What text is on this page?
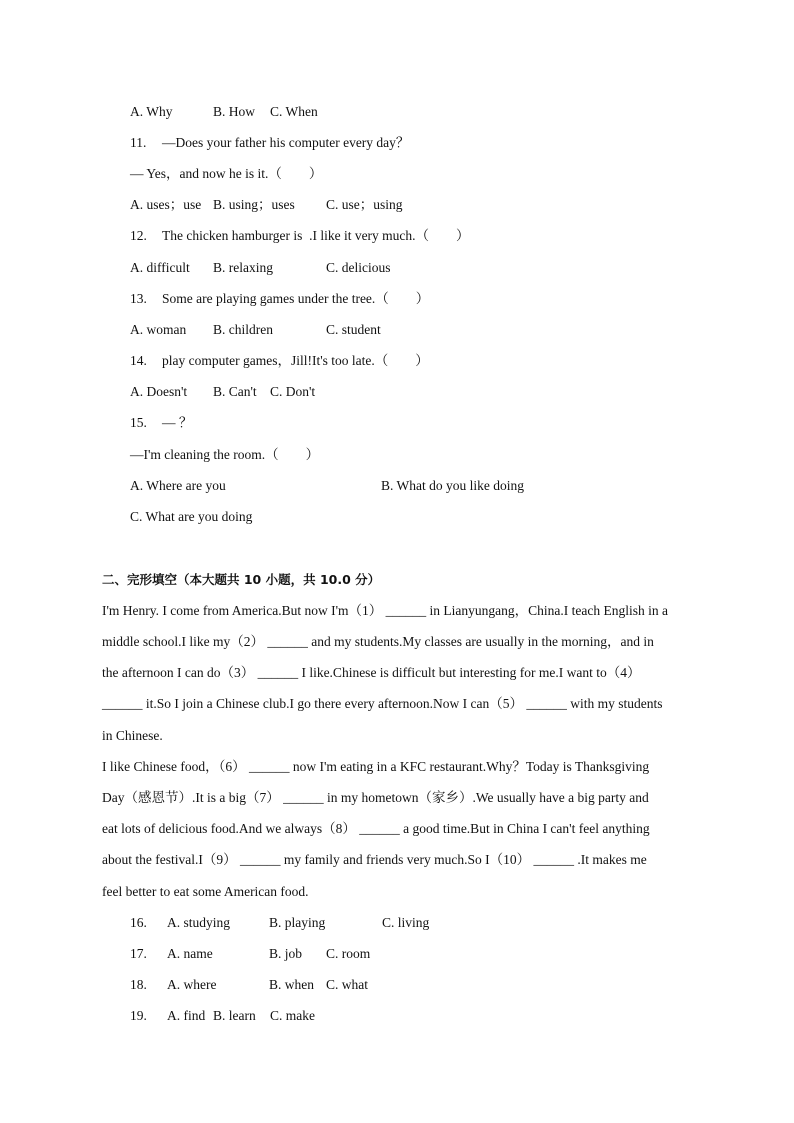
A. Why	B. How C. When
11. —Does your father his computer every day？
— Yes，and now he is it.（　　）
A. uses；use B. using；uses C. use；using
12. The chicken hamburger is  .I like it very much.（　　）
A. difficult B. relaxing	C. delicious
13. Some are playing games under the tree.（　　）
A. woman B. children	C. student
14. play computer games，Jill!It's too late.（　　）
A. Doesn't B. Can't C. Don't
15. — ？
—I'm cleaning the room.（　　）
A. Where are you	B. What do you like doing
C. What are you doing
二、完形填空（本大题共 10 小题，共 10.0 分）
I'm Henry. I come from America.But now I'm（1） ______ in Lianyungang，China.I teach English in a
middle school.I like my（2） ______ and my students.My classes are usually in the morning，and in
the afternoon I can do（3） ______ I like.Chinese is difficult but interesting for me.I want to（4）
______ it.So I join a Chinese club.I go there every afternoon.Now I can（5） ______ with my students
in Chinese.
I like Chinese food，（6） ______ now I'm eating in a KFC restaurant.Why？Today is Thanksgiving
Day（感恩节）.It is a big（7） ______ in my hometown（家乡）.We usually have a big party and
eat lots of delicious food.And we always（8） ______ a good time.But in China I can't feel anything
about the festival.I（9） ______ my family and friends very much.So I（10） ______ .It makes me
feel better to eat some American food.
16. A. studying	B. playing	C. living
17. A. name	B. job C. room
18. A. where	B. when C. what
19. A. find B. learn C. make
